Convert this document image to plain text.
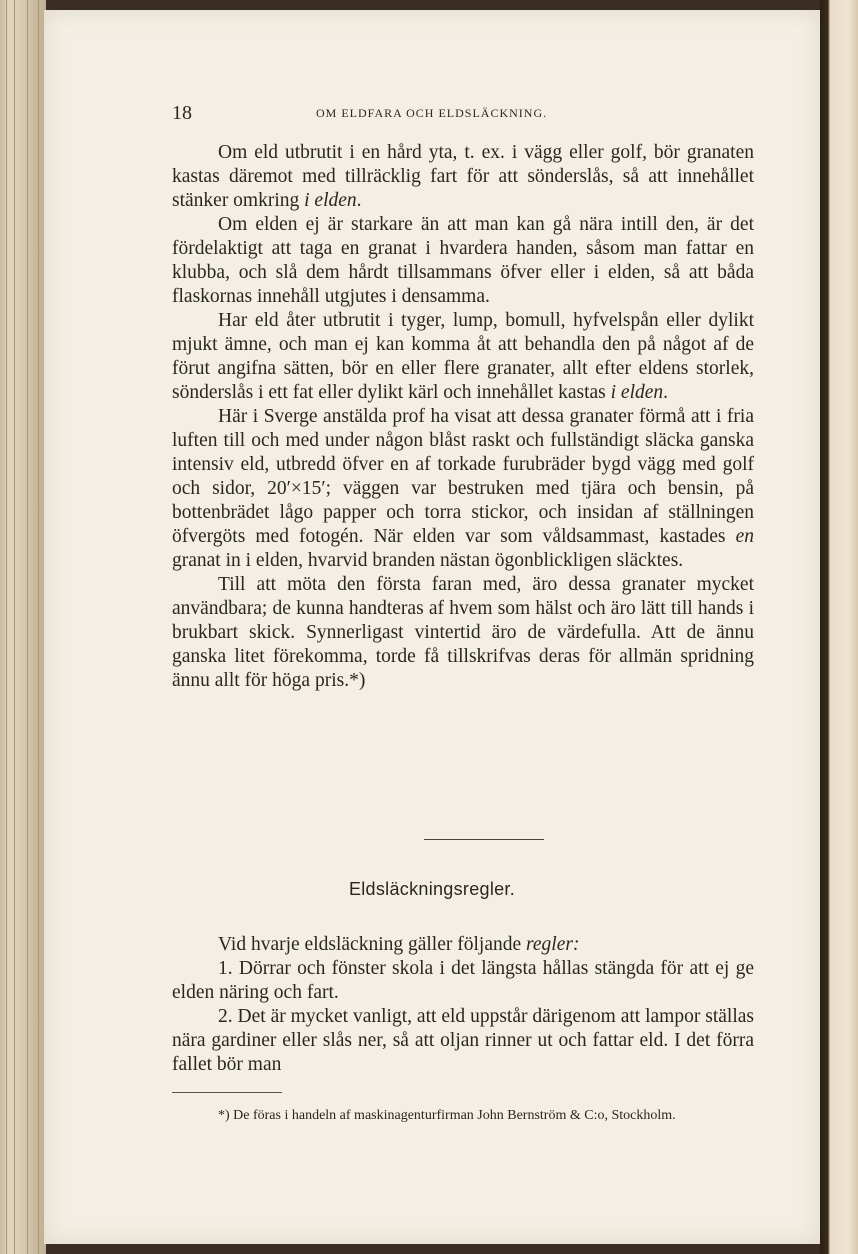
18	OM ELDFARA OCH ELDSLÄCKNING.

Om eld utbrutit i en hård yta, t. ex. i vägg eller golf, bör granaten kastas däremot med tillräcklig fart för att sönderslås, så att innehållet stänker omkring i elden.

Om elden ej är starkare än att man kan gå nära intill den, är det fördelaktigt att taga en granat i hvardera handen, såsom man fattar en klubba, och slå dem hårdt tillsammans öfver eller i elden, så att båda flaskornas innehåll utgjutes i densamma.

Har eld åter utbrutit i tyger, lump, bomull, hyfvelspån eller dylikt mjukt ämne, och man ej kan komma åt att behandla den på något af de förut angifna sätten, bör en eller flere granater, allt efter eldens storlek, sönderslås i ett fat eller dylikt kärl och innehållet kastas i elden.

Här i Sverge anstälda prof ha visat att dessa granater förmå att i fria luften till och med under någon blåst raskt och fullständigt släcka ganska intensiv eld, utbredd öfver en af torkade furubräder bygd vägg med golf och sidor, 20′×15′; väggen var bestruken med tjära och bensin, på bottenbrädet lågo papper och torra stickor, och insidan af ställningen öfvergöts med fotogén. När elden var som våldsammast, kastades en granat in i elden, hvarvid branden nästan ögonblickligen släcktes.

Till att möta den första faran med, äro dessa granater mycket användbara; de kunna handteras af hvem som hälst och äro lätt till hands i brukbart skick. Synnerligast vintertid äro de värdefulla. Att de ännu ganska litet förekomma, torde få tillskrifvas deras för allmän spridning ännu allt för höga pris.*)

Eldsläckningsregler.

Vid hvarje eldsläckning gäller följande regler:

1. Dörrar och fönster skola i det längsta hållas stängda för att ej ge elden näring och fart.

2. Det är mycket vanligt, att eld uppstår därigenom att lampor ställas nära gardiner eller slås ner, så att oljan rinner ut och fattar eld. I det förra fallet bör man

*) De föras i handeln af maskinagenturfirman John Bernström & C:o, Stockholm.
